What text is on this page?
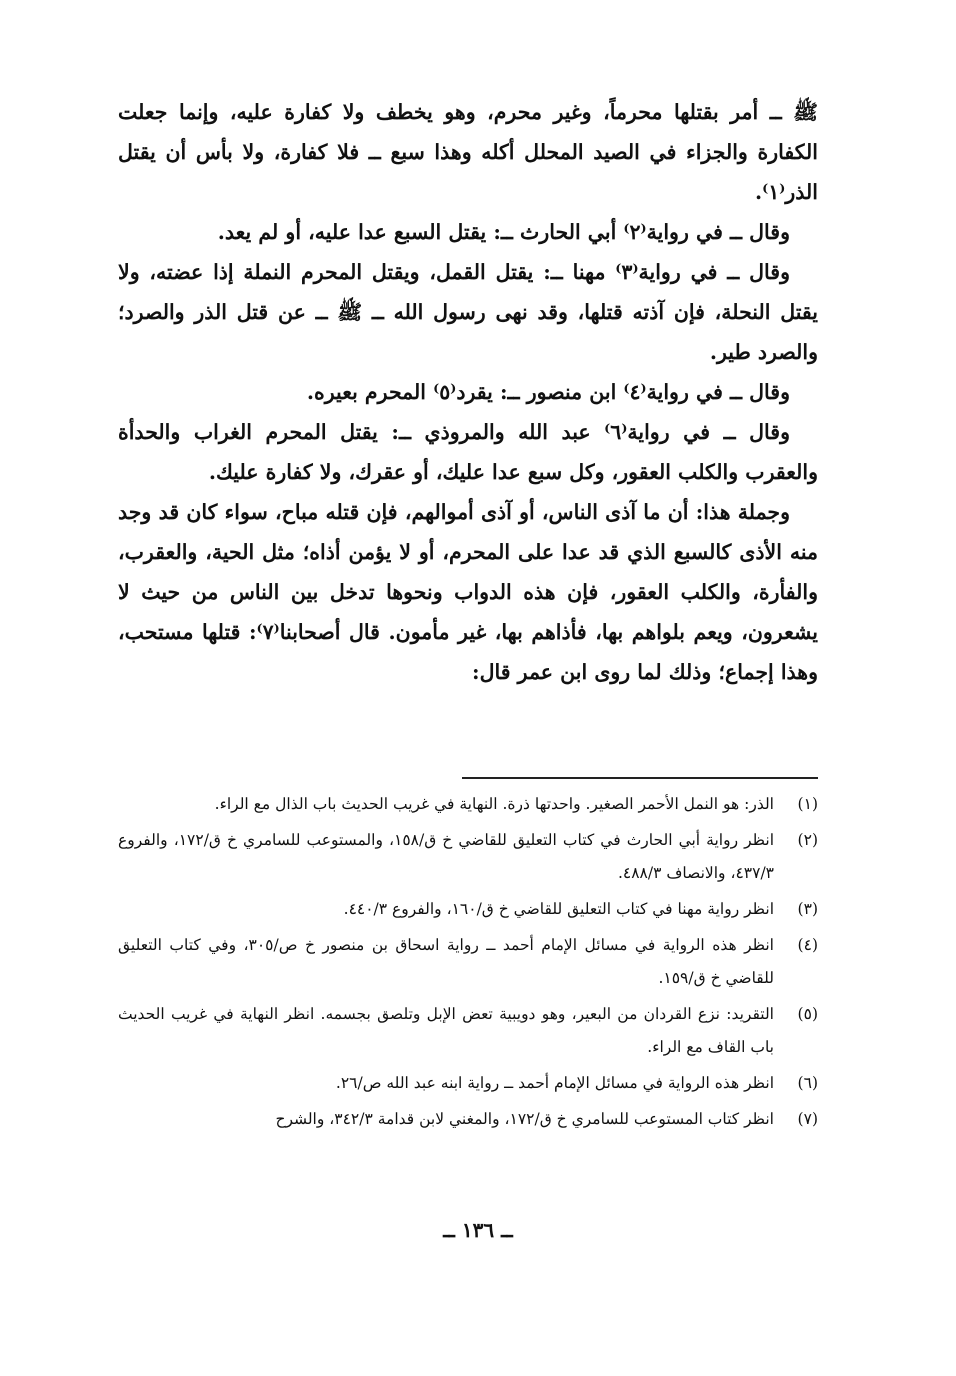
ﷺ ــ أمر بقتلها محرماً، وغير محرم، وهو يخطف ولا كفارة عليه، وإنما جعلت الكفارة والجزاء في الصيد المحلل أكله وهذا سبع ــ فلا كفارة، ولا بأس أن يقتل الذر⁽١⁾.

وقال ــ في رواية⁽٢⁾ أبي الحارث ــ: يقتل السبع عدا عليه، أو لم يعد.

وقال ــ في رواية⁽٣⁾ مهنا ــ: يقتل القمل، ويقتل المحرم النملة إذا عضته، ولا يقتل النحلة، فإن آذته قتلها، وقد نهى رسول الله ــ ﷺ ــ عن قتل الذر والصرد؛ والصرد طير.

وقال ــ في رواية⁽٤⁾ ابن منصور ــ: يقرد⁽٥⁾ المحرم بعيره.

وقال ــ في رواية⁽٦⁾ عبد الله والمروذي ــ: يقتل المحرم الغراب والحدأة والعقرب والكلب العقور، وكل سبع عدا عليك، أو عقرك، ولا كفارة عليك.

وجملة هذا: أن ما آذى الناس، أو آذى أموالهم، فإن قتله مباح، سواء كان قد وجد منه الأذى كالسبع الذي قد عدا على المحرم، أو لا يؤمن أذاه؛ مثل الحية، والعقرب، والفأرة، والكلب العقور، فإن هذه الدواب ونحوها تدخل بين الناس من حيث لا يشعرون، ويعم بلواهم بها، فأذاهم بها، غير مأمون. قال أصحابنا⁽٧⁾: قتلها مستحب، وهذا إجماع؛ وذلك لما روى ابن عمر قال:

(١)
الذر: هو النمل الأحمر الصغير. واحدتها ذرة. النهاية في غريب الحديث باب الذال مع الراء.
(٢)
انظر رواية أبي الحارث في كتاب التعليق للقاضي خ ق/١٥٨، والمستوعب للسامري خ ق/١٧٢، والفروع ٤٣٧/٣، والانصاف ٤٨٨/٣.
(٣)
انظر رواية مهنا في كتاب التعليق للقاضي خ ق/١٦٠، والفروع ٤٤٠/٣.
(٤)
انظر هذه الرواية في مسائل الإمام أحمد ــ رواية اسحاق بن منصور خ ص/٣٠٥، وفي كتاب التعليق للقاضي خ ق/١٥٩.
(٥)
التقريد: نزع القردان من البعير، وهو دويبية تعض الإبل وتلصق بجسمه. انظر النهاية في غريب الحديث باب القاف مع الراء.
(٦)
انظر هذه الرواية في مسائل الإمام أحمد ــ رواية ابنه عبد الله ص/٢٦.
(٧)
انظر كتاب المستوعب للسامري خ ق/١٧٢، والمغني لابن قدامة ٣٤٢/٣، والشرح
ــ ١٣٦ ــ
